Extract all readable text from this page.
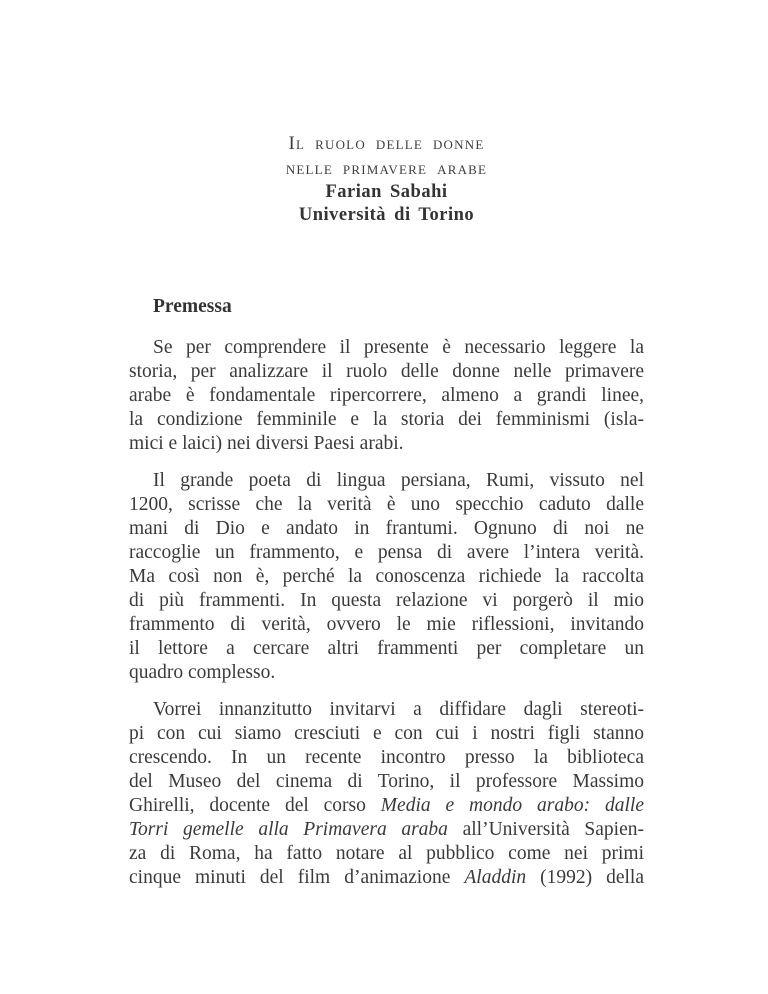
Il ruolo delle donne
nelle primavere arabe
Farian Sabahi
Università di Torino
Premessa
Se per comprendere il presente è necessario leggere la
storia, per analizzare il ruolo delle donne nelle primavere
arabe è fondamentale ripercorrere, almeno a grandi linee,
la condizione femminile e la storia dei femminismi (isla-
mici e laici) nei diversi Paesi arabi.
Il grande poeta di lingua persiana, Rumi, vissuto nel
1200, scrisse che la verità è uno specchio caduto dalle
mani di Dio e andato in frantumi. Ognuno di noi ne
raccoglie un frammento, e pensa di avere l’intera verità.
Ma così non è, perché la conoscenza richiede la raccolta
di più frammenti. In questa relazione vi porgerò il mio
frammento di verità, ovvero le mie riflessioni, invitando
il lettore a cercare altri frammenti per completare un
quadro complesso.
Vorrei innanzitutto invitarvi a diffidare dagli stereoti-
pi con cui siamo cresciuti e con cui i nostri figli stanno
crescendo. In un recente incontro presso la biblioteca
del Museo del cinema di Torino, il professore Massimo
Ghirelli, docente del corso Media e mondo arabo: dalle
Torri gemelle alla Primavera araba all’Università Sapien-
za di Roma, ha fatto notare al pubblico come nei primi
cinque minuti del film d’animazione Aladdin (1992) della
